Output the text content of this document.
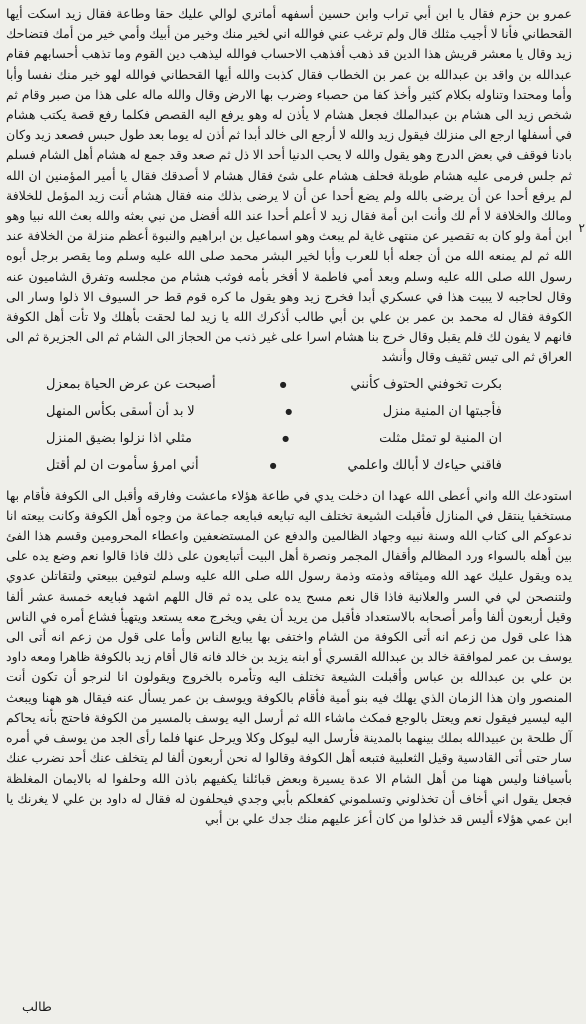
٢

عمرو بن حزم فقال يا ابن أبي تراب وابن حسين أسفهه أماتري لوالي عليك حقا وطاعة فقال زيد اسكت أيها القحطاني فأنا لا أجيب مثلك قال ولم ترغب عني فوالله اني لخير منك وخير من أبيك وأمي خير من أمك فتضاحك زيد وقال يا معشر قريش هذا الدين قد ذهب أفذهب الاحساب فوالله ليذهب دين القوم وما تذهب أحسابهم فقام عبدالله بن واقد بن عبدالله بن عمر بن الخطاب فقال كذبت والله أيها القحطاني فوالله لهو خير منك نفسا وأبا وأما ومحتدا وتناوله بكلام كثير وأخذ كفا من حصباء وضرب بها الارض وقال والله ماله على هذا من صبر وقام ثم شخص زيد الى هشام بن عبدالملك فجعل هشام لا يأذن له وهو يرفع اليه القصص فكلما رفع قصة يكتب هشام في أسفلها ارجع الى منزلك فيقول زيد والله لا أرجع الى خالد أبدا ثم أذن له يوما بعد طول حبس فصعد زيد وكان بادنا فوقف في بعض الدرج وهو يقول والله لا يحب الدنيا أحد الا ذل ثم صعد وقد جمع له هشام أهل الشام فسلم ثم جلس فرمى عليه هشام طوبلة فحلف هشام على شئ فقال هشام لا أصدقك فقال يا أمير المؤمنين ان الله لم يرفع أحدا عن أن يرضى بالله ولم يضع أحدا عن أن لا يرضى بذلك منه فقال هشام أنت زيد المؤمل للخلافة ومالك والخلافة لا أم لك وأنت ابن أمة فقال زيد لا أعلم أحدا عند الله أفضل من نبي بعثه والله بعث الله نبيا وهو ابن أمة ولو كان به تقصير عن منتهى غاية لم يبعث وهو اسماعيل بن ابراهيم والنبوة أعظم منزلة من الخلافة عند الله ثم لم يمنعه الله من أن جعله أبا للعرب وأبا لخير البشر محمد صلى الله عليه وسلم وما يقصر برجل أبوه رسول الله صلى الله عليه وسلم وبعد أمي فاطمة لا أفخر بأمه فوثب هشام من مجلسه وتفرق الشاميون عنه وقال لحاجبه لا يبيت هذا في عسكري أبدا فخرج زيد وهو يقول ما كره قوم قط حر السيوف الا ذلوا وسار الى الكوفة فقال له محمد بن عمر بن علي بن أبي طالب أذكرك الله يا زيد لما لحقت بأهلك ولا تأت أهل الكوفة فانهم لا يفون لك فلم يقبل وقال خرج بنا هشام اسرا على غير ذنب من الحجاز الى الشام ثم الى الجزيرة ثم الى العراق ثم الى تيس ثقيف وقال وأنشد

بكرت تخوفني الحتوف كأنني
●
أصبحت عن عرض الحياة بمعزل
فأجبتها ان المنية منزل
●
لا بد أن أسقى بكأس المنهل
ان المنية لو تمثل مثلت
●
مثلي اذا نزلوا بضيق المنزل
فاقني حياءك لا أبالك واعلمي
●
أني امرؤ سأموت ان لم أقتل

استودعك الله واني أعطى الله عهدا ان دخلت يدي في طاعة هؤلاء ماعشت وفارقه وأقبل الى الكوفة فأقام بها مستخفيا ينتقل في المنازل فأقبلت الشيعة تختلف اليه تبايعه فبايعه جماعة من وجوه أهل الكوفة وكانت بيعته انا ندعوكم الى كتاب الله وسنة نبيه وجهاد الظالمين والدفع عن المستضعفين واعطاء المحرومين وقسم هذا الفئ بين أهله بالسواء ورد المظالم وأقفال المجمر ونصرة أهل البيت أتبايعون على ذلك فاذا قالوا نعم وضع يده على يده ويقول عليك عهد الله وميثاقه وذمته وذمة رسول الله صلى الله عليه وسلم لتوفين ببيعتي ولتقاتلن عدوي ولتنصحن لي في السر والعلانية فاذا قال نعم مسح يده على يده ثم قال اللهم اشهد فبايعه خمسة عشر ألفا وقيل أربعون ألفا وأمر أصحابه بالاستعداد فأقبل من يريد أن يفي ويخرج معه يستعد ويتهيأ فشاع أمره في الناس هذا على قول من زعم انه أتى الكوفة من الشام واختفى بها يبايع الناس وأما على قول من زعم انه أتى الى يوسف بن عمر لموافقة خالد بن عبدالله القسري أو ابنه يزيد بن خالد فانه قال أقام زيد بالكوفة ظاهرا ومعه داود بن علي بن عبدالله بن عباس وأقبلت الشيعة تختلف اليه وتأمره بالخروج ويقولون انا لنرجو أن تكون أنت المنصور وان هذا الزمان الذي يهلك فيه بنو أمية فأقام بالكوفة ويوسف بن عمر يسأل عنه فيقال هو ههنا ويبعث اليه ليسير فيقول نعم ويعتل بالوجع فمكث ماشاء الله ثم أرسل اليه يوسف بالمسير من الكوفة فاحتج بأنه يحاكم آل طلحة بن عبيدالله بملك بينهما بالمدينة فأرسل اليه ليوكل وكلا ويرحل عنها فلما رأى الجد من يوسف في أمره سار حتى أتى القادسية وقيل الثعلبية فتبعه أهل الكوفة وقالوا له نحن أربعون ألفا لم يتخلف عنك أحد نضرب عنك بأسيافنا وليس ههنا من أهل الشام الا عدة يسيرة وبعض قبائلنا يكفيهم باذن الله وحلفوا له بالايمان المغلظة فجعل يقول اني أخاف أن تخذلوني وتسلموني كفعلكم بأبي وجدي فيحلفون له فقال له داود بن علي لا يغرنك يا ابن عمي هؤلاء أليس قد خذلوا من كان أعز عليهم منك جدك علي بن أبي

طالب
